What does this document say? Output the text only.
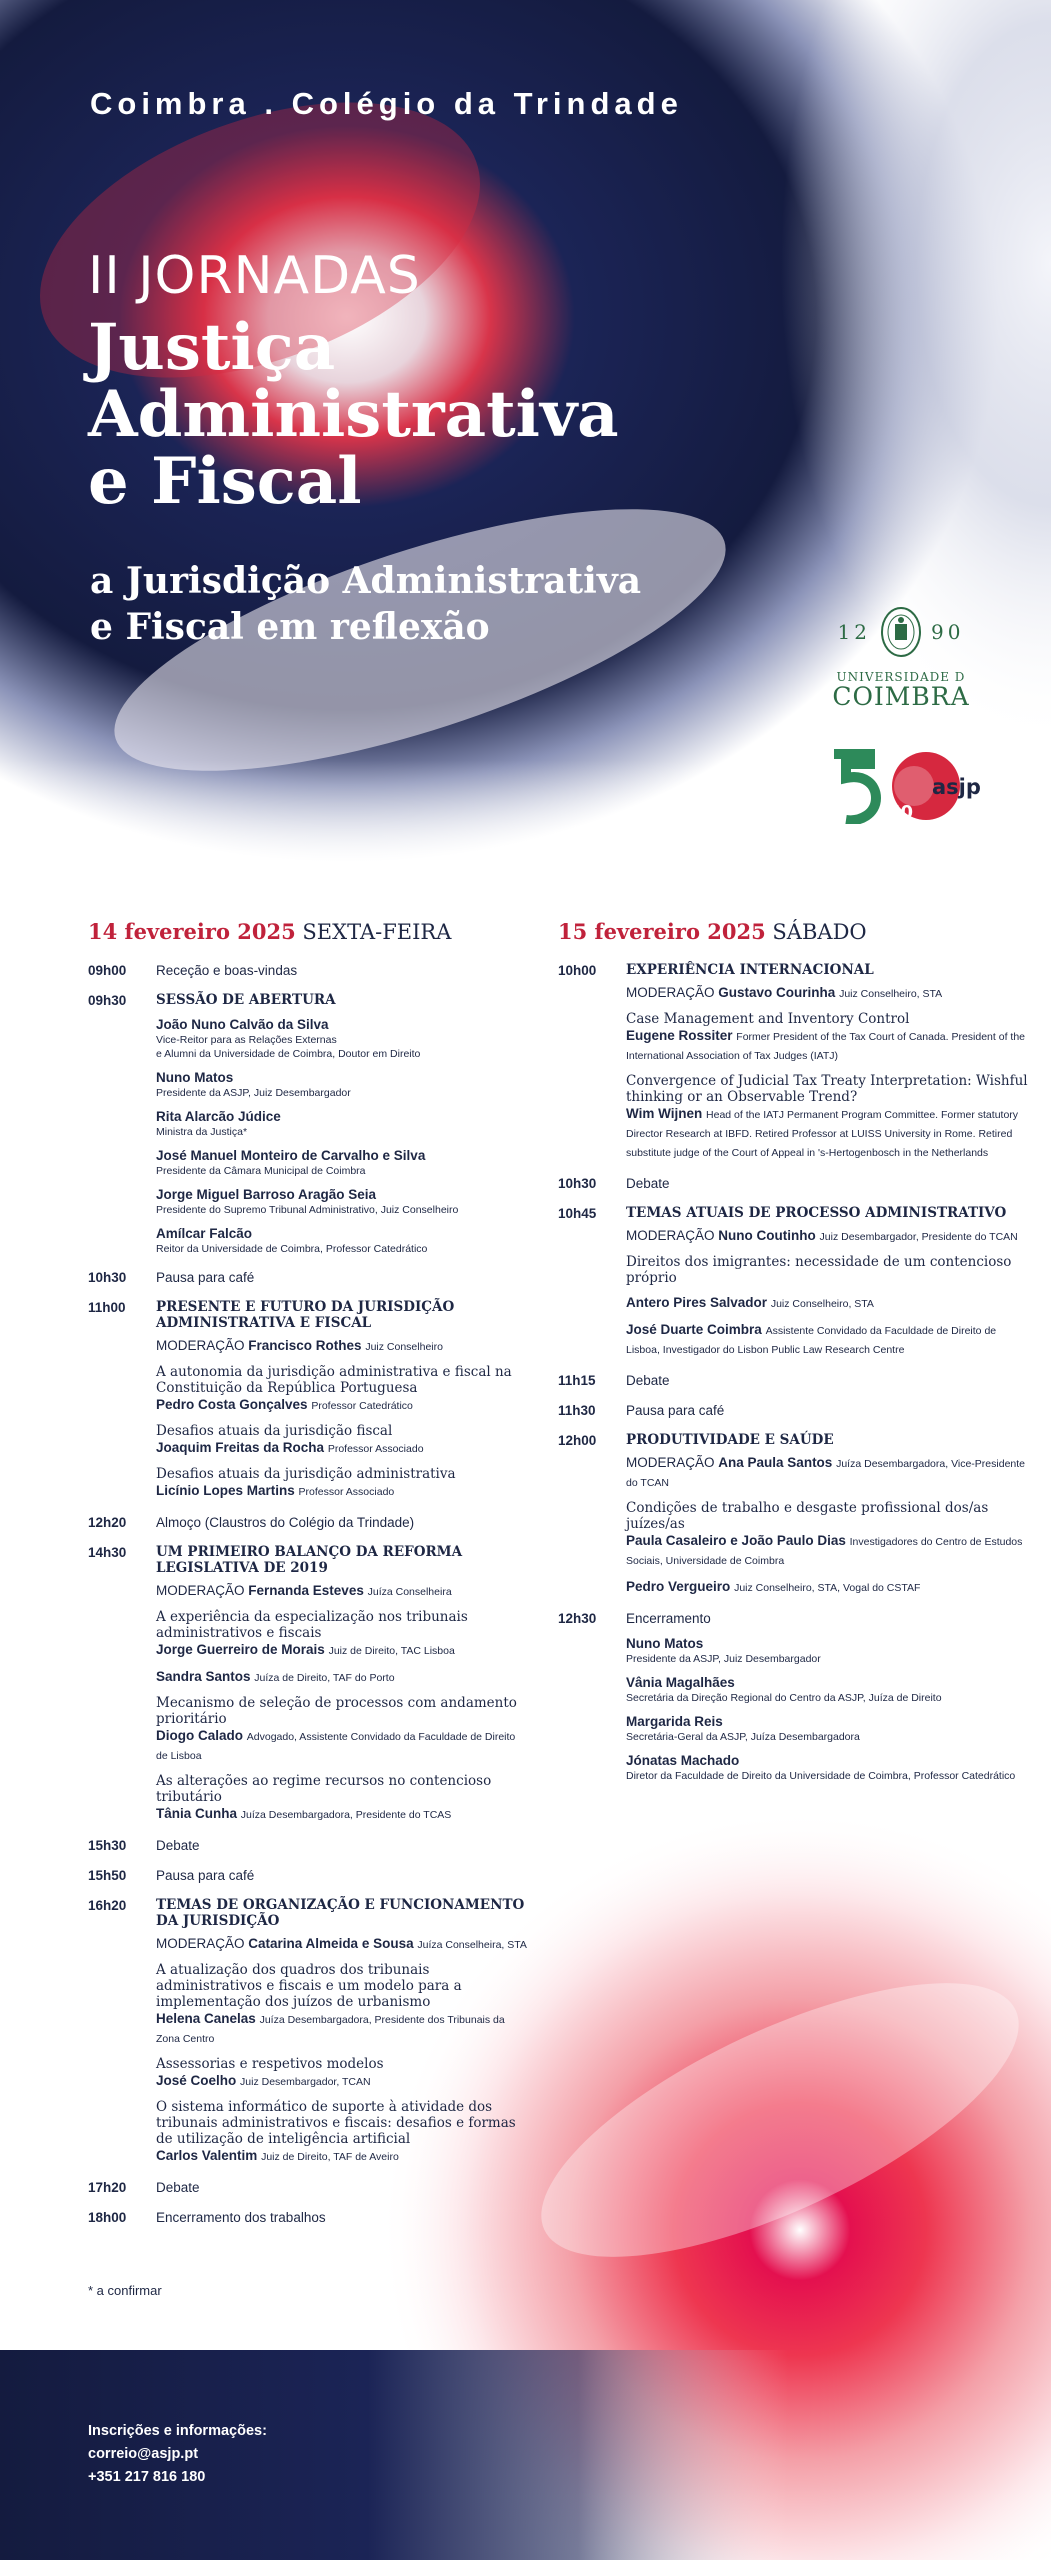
Coimbra . Colégio da Trindade
II JORNADAS
Justiça
Administrativa
e Fiscal
a Jurisdição Administrativa
e Fiscal em reflexão	12	90
UNIVERSIDADE D
COIMBRA
50
asjp
14 fevereiro 2025 SEXTA-FEIRA	15 fevereiro 2025 SÁBADO
09h00	Receção e boas-vindas
09h30	SESSÃO DE ABERTURA
João Nuno Calvão da Silva
Vice-Reitor para as Relações Externas
e Alumni da Universidade de Coimbra, Doutor em Direito
Nuno Matos
Presidente da ASJP, Juiz Desembargador
Rita Alarcão Júdice
Ministra da Justiça*
José Manuel Monteiro de Carvalho e Silva
Presidente da Câmara Municipal de Coimbra
Jorge Miguel Barroso Aragão Seia
Presidente do Supremo Tribunal Administrativo, Juiz Conselheiro
Amílcar Falcão
Reitor da Universidade de Coimbra, Professor Catedrático
10h30	Pausa para café
11h00	PRESENTE E FUTURO DA JURISDIÇÃO ADMINISTRATIVA E FISCAL
MODERAÇÃO Francisco Rothes Juiz Conselheiro
A autonomia da jurisdição administrativa e fiscal na Constituição da República Portuguesa
Pedro Costa Gonçalves Professor Catedrático
Desafios atuais da jurisdição fiscal
Joaquim Freitas da Rocha Professor Associado
Desafios atuais da jurisdição administrativa
Licínio Lopes Martins Professor Associado
12h20	Almoço (Claustros do Colégio da Trindade)
14h30	UM PRIMEIRO BALANÇO DA REFORMA LEGISLATIVA DE 2019
MODERAÇÃO Fernanda Esteves Juíza Conselheira
A experiência da especialização nos tribunais administrativos e fiscais
Jorge Guerreiro de Morais Juiz de Direito, TAC Lisboa
Sandra Santos Juíza de Direito, TAF do Porto
Mecanismo de seleção de processos com andamento prioritário
Diogo Calado Advogado, Assistente Convidado da Faculdade de Direito de Lisboa
As alterações ao regime recursos no contencioso tributário
Tânia Cunha Juíza Desembargadora, Presidente do TCAS
15h30	Debate
15h50	Pausa para café
16h20	TEMAS DE ORGANIZAÇÃO E FUNCIONAMENTO DA JURISDIÇÃO
MODERAÇÃO Catarina Almeida e Sousa Juíza Conselheira, STA
A atualização dos quadros dos tribunais administrativos e fiscais e um modelo para a implementação dos juízos de urbanismo
Helena Canelas Juíza Desembargadora, Presidente dos Tribunais da Zona Centro
Assessorias e respetivos modelos
José Coelho Juiz Desembargador, TCAN
O sistema informático de suporte à atividade dos tribunais administrativos e fiscais: desafios e formas de utilização de inteligência artificial
Carlos Valentim Juiz de Direito, TAF de Aveiro
17h20	Debate
18h00	Encerramento dos trabalhos
10h00	EXPERIÊNCIA INTERNACIONAL
MODERAÇÃO Gustavo Courinha Juiz Conselheiro, STA
Case Management and Inventory Control
Eugene Rossiter Former President of the Tax Court of Canada. President of the International Association of Tax Judges (IATJ)
Convergence of Judicial Tax Treaty Interpretation: Wishful thinking or an Observable Trend?
Wim Wijnen Head of the IATJ Permanent Program Committee. Former statutory Director Research at IBFD. Retired Professor at LUISS University in Rome. Retired substitute judge of the Court of Appeal in 's-Hertogenbosch in the Netherlands
10h30	Debate
10h45	TEMAS ATUAIS DE PROCESSO ADMINISTRATIVO
MODERAÇÃO Nuno Coutinho Juiz Desembargador, Presidente do TCAN
Direitos dos imigrantes: necessidade de um contencioso próprio
Antero Pires Salvador Juiz Conselheiro, STA
José Duarte Coimbra Assistente Convidado da Faculdade de Direito de Lisboa, Investigador do Lisbon Public Law Research Centre
11h15	Debate
11h30	Pausa para café
12h00	PRODUTIVIDADE E SAÚDE
MODERAÇÃO Ana Paula Santos Juíza Desembargadora, Vice-Presidente do TCAN
Condições de trabalho e desgaste profissional dos/as juízes/as
Paula Casaleiro e João Paulo Dias Investigadores do Centro de Estudos Sociais, Universidade de Coimbra
Pedro Vergueiro Juiz Conselheiro, STA, Vogal do CSTAF
12h30	Encerramento
Nuno Matos
Presidente da ASJP, Juiz Desembargador
Vânia Magalhães
Secretária da Direção Regional do Centro da ASJP, Juíza de Direito
Margarida Reis
Secretária-Geral da ASJP, Juíza Desembargadora
Jónatas Machado
Diretor da Faculdade de Direito da Universidade de Coimbra, Professor Catedrático
* a confirmar
Inscrições e informações:
correio@asjp.pt
+351 217 816 180
